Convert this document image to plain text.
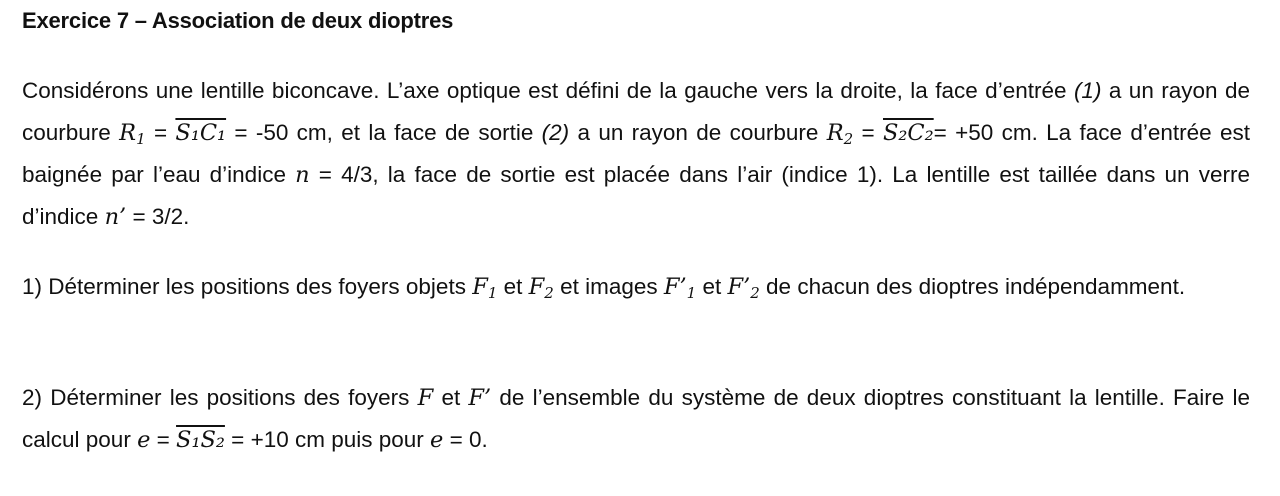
Exercice 7 – Association de deux dioptres

Considérons une lentille biconcave. L’axe optique est défini de la gauche vers la droite, la face d’entrée (1) a un rayon de courbure $R_1 = S_1C_1 = -50$ cm, et la face de sortie (2) a un rayon de courbure $R_2 = S_2C_2= +50$ cm. La face d’entrée est baignée par l’eau d’indice n = 4/3, la face de sortie est placée dans l’air (indice 1). La lentille est taillée dans un verre d’indice n’ = 3/2.

1) Déterminer les positions des foyers objets $F_1$ et $F_2$ et images $F’_1$ et $F’_2$ de chacun des dioptres indépendamment.

2) Déterminer les positions des foyers F et F’ de l’ensemble du système de deux dioptres constituant la lentille. Faire le calcul pour e = S₁S₂ = +10 cm puis pour e = 0.
